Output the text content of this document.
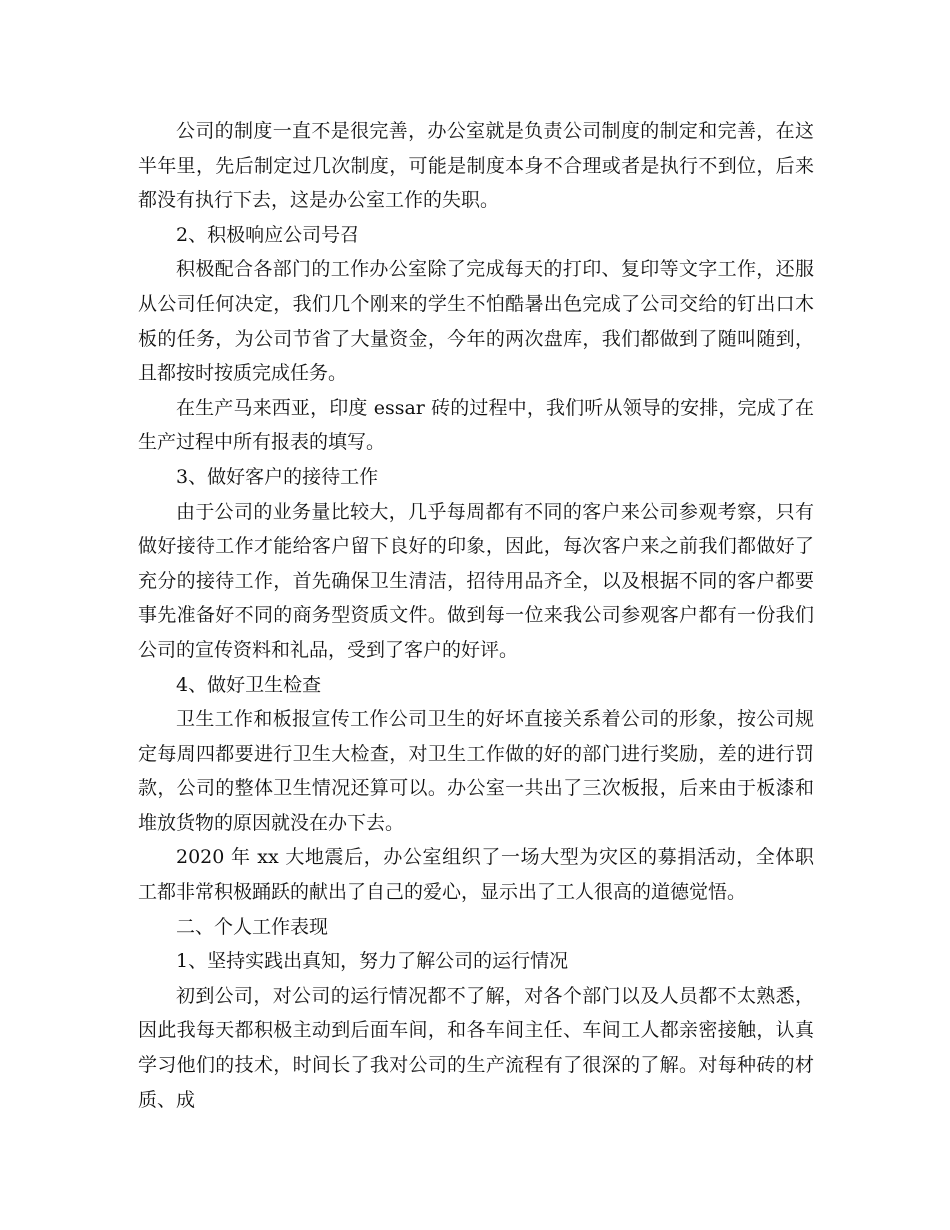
公司的制度一直不是很完善，办公室就是负责公司制度的制定和完善，在这半年里，先后制定过几次制度，可能是制度本身不合理或者是执行不到位，后来都没有执行下去，这是办公室工作的失职。

2、积极响应公司号召

积极配合各部门的工作办公室除了完成每天的打印、复印等文字工作，还服从公司任何决定，我们几个刚来的学生不怕酷暑出色完成了公司交给的钉出口木板的任务，为公司节省了大量资金，今年的两次盘库，我们都做到了随叫随到，且都按时按质完成任务。

在生产马来西亚，印度 essar 砖的过程中，我们听从领导的安排，完成了在生产过程中所有报表的填写。

3、做好客户的接待工作

由于公司的业务量比较大，几乎每周都有不同的客户来公司参观考察，只有做好接待工作才能给客户留下良好的印象，因此，每次客户来之前我们都做好了充分的接待工作，首先确保卫生清洁，招待用品齐全，以及根据不同的客户都要事先准备好不同的商务型资质文件。做到每一位来我公司参观客户都有一份我们公司的宣传资料和礼品，受到了客户的好评。

4、做好卫生检查

卫生工作和板报宣传工作公司卫生的好坏直接关系着公司的形象，按公司规定每周四都要进行卫生大检查，对卫生工作做的好的部门进行奖励，差的进行罚款，公司的整体卫生情况还算可以。办公室一共出了三次板报，后来由于板漆和堆放货物的原因就没在办下去。

2020 年 xx 大地震后，办公室组织了一场大型为灾区的募捐活动，全体职工都非常积极踊跃的献出了自己的爱心，显示出了工人很高的道德觉悟。

二、个人工作表现

1、坚持实践出真知，努力了解公司的运行情况

初到公司，对公司的运行情况都不了解，对各个部门以及人员都不太熟悉，因此我每天都积极主动到后面车间，和各车间主任、车间工人都亲密接触，认真学习他们的技术，时间长了我对公司的生产流程有了很深的了解。对每种砖的材质、成
